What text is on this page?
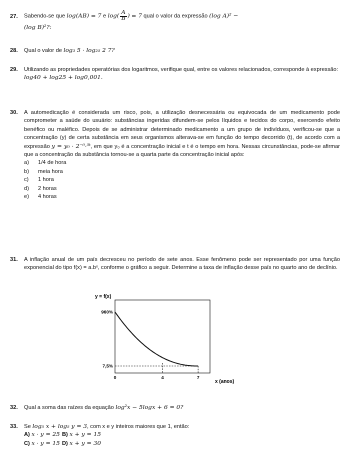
27. Sabendo-se que log(AB) = 7 e $\log( \frac{A}{B}$ ) = 7 qual o valor da expressão (log A)² −
(log B)²?:
28. Qual o valor de log₃ 5 · log₂₅ 2 7?
29.	Utilizando as propriedades operatórias dos logaritmos, verifique qual, entre os valores relacionados, corresponde à expressão:
log40 + log25 + log0,001.
30.	A automedicação é considerada um risco, pois, a utilização desnecessária ou equivocada de um medicamento pode comprometer a saúde do usuário: substâncias ingeridas difundem-se pelos líquidos e tecidos do corpo, exercendo efeito benéfico ou maléfico. Depois de se administrar determinado medicamento a um grupo de indivíduos, verificou-se que a concentração (y) de certa substância em seus organismos alterava-se em função do tempo decorrido (t), de acordo com a expressão y = y₀ · 2⁻⁰·⁵ᵗ, em que y₀ é a concentração inicial e t é o tempo em hora. Nessas circunstâncias, pode-se afirmar que a concentração da substância tornou-se a quarta parte da concentração inicial após:
a) 1/4 de hora
b) meia hora
c) 1 hora
d) 2 horas
e) 4 horas
31.	A inflação anual de um país decresceu no período de sete anos. Esse fenômeno pode ser representado por uma função exponencial do tipo f(x) = a.bˣ, conforme o gráfico a seguir. Determine a taxa de inflação desse país no quarto ano de declínio.
y = f(x)
x (anos)
960%
7,5%
0	4	7
32. Qual a soma das raízes da equação log²x − 5logx + 6 = 0?
33. Se log₅ x + log₅ y = 3, com x e y inteiros maiores que 1, então:
A) x · y = 25 B) x + y = 15
C) x · y = 15 D) x + y = 30
